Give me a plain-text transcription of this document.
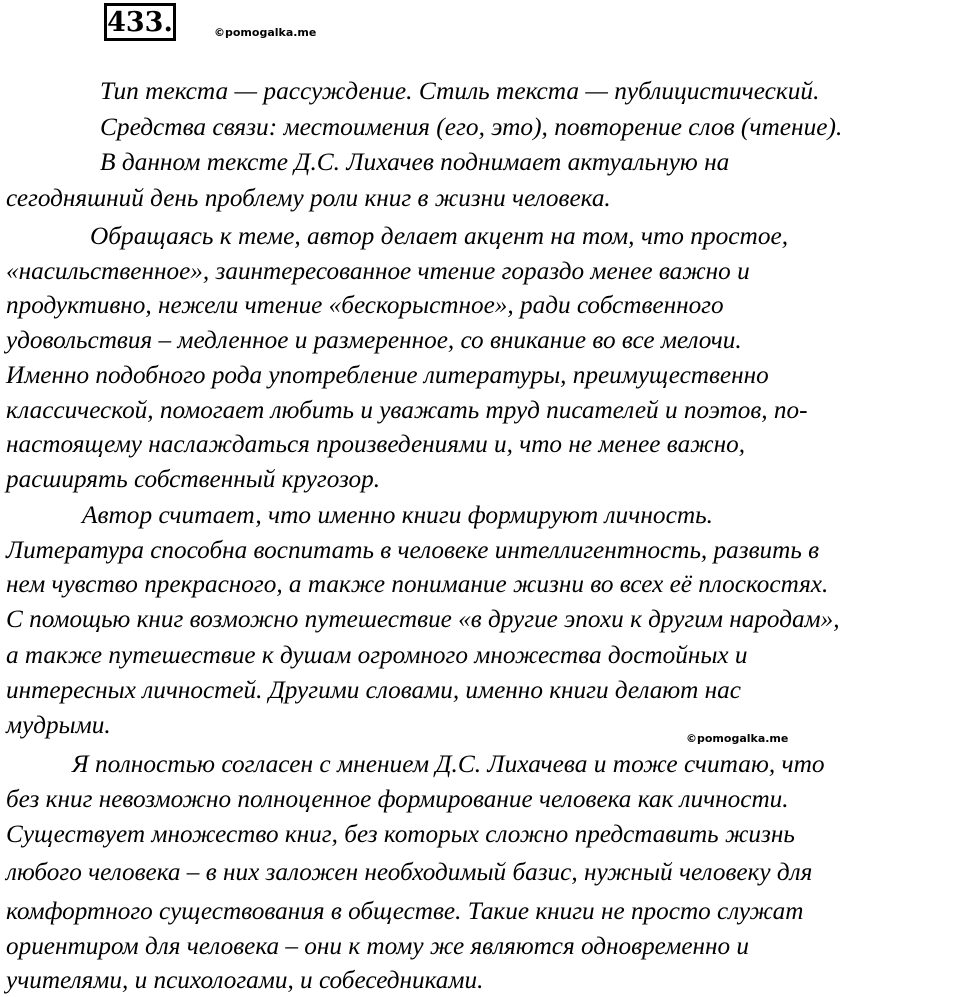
433.	©pomogalka.me
Тип текста — рассуждение. Стиль текста — публицистический.
Средства связи: местоимения (его, это), повторение слов (чтение).
В данном тексте Д.С. Лихачев поднимает актуальную на
сегодняшний день проблему роли книг в жизни человека.
Обращаясь к теме, автор делает акцент на том, что простое,
«насильственное», заинтересованное чтение гораздо менее важно и
продуктивно, нежели чтение «бескорыстное», ради собственного
удовольствия – медленное и размеренное, со вникание во все мелочи.
Именно подобного рода употребление литературы, преимущественно
классической, помогает любить и уважать труд писателей и поэтов, по-
настоящему наслаждаться произведениями и, что не менее важно,
расширять собственный кругозор.
Автор считает, что именно книги формируют личность.
Литература способна воспитать в человеке интеллигентность, развить в
нем чувство прекрасного, а также понимание жизни во всех её плоскостях.
С помощью книг возможно путешествие «в другие эпохи к другим народам»,
а также путешествие к душам огромного множества достойных и
интересных личностей. Другими словами, именно книги делают нас
мудрыми.	©pomogalka.me
Я полностью согласен с мнением Д.С. Лихачева и тоже считаю, что
без книг невозможно полноценное формирование человека как личности.
Существует множество книг, без которых сложно представить жизнь
любого человека – в них заложен необходимый базис, нужный человеку для
комфортного существования в обществе. Такие книги не просто служат
ориентиром для человека – они к тому же являются одновременно и
учителями, и психологами, и собеседниками.
